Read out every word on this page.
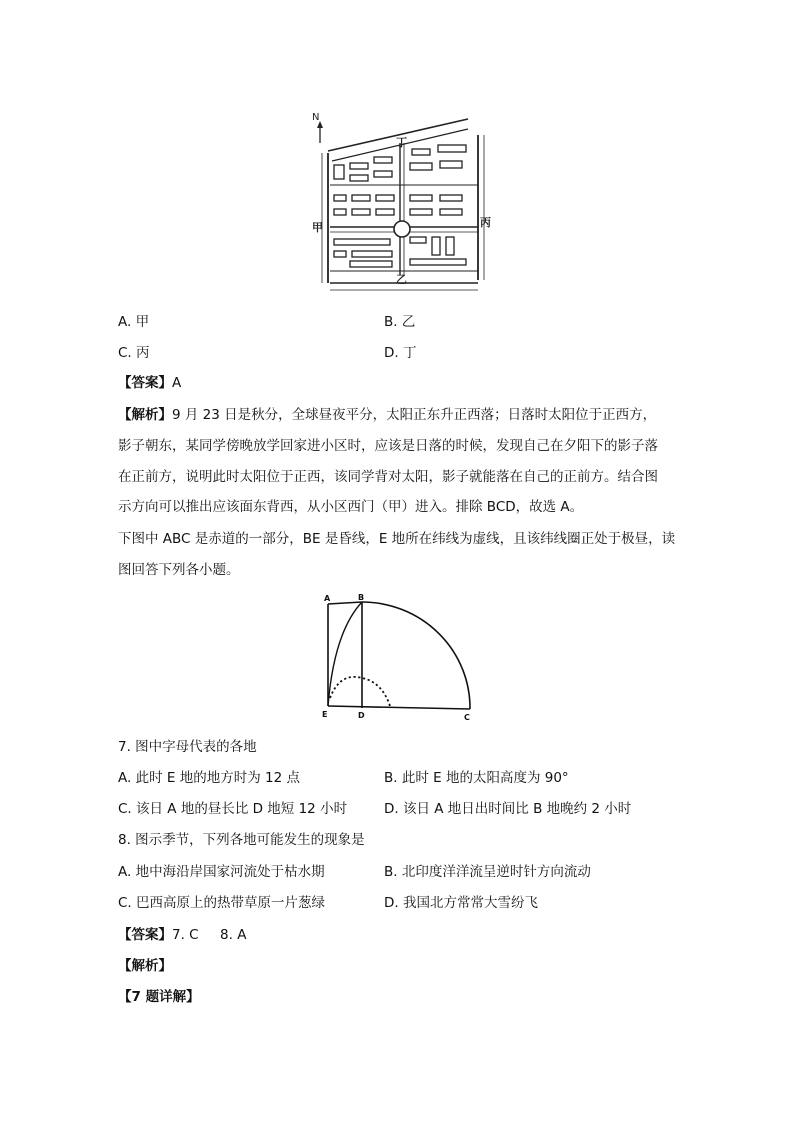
N
丁
乙
甲	丙
A. 甲	B. 乙
C. 丙	D. 丁
【答案】A
【解析】9 月 23 日是秋分，全球昼夜平分，太阳正东升正西落；日落时太阳位于正西方，
影子朝东，某同学傍晚放学回家进小区时，应该是日落的时候，发现自己在夕阳下的影子落
在正前方，说明此时太阳位于正西，该同学背对太阳，影子就能落在自己的正前方。结合图
示方向可以推出应该面东背西，从小区西门（甲）进入。排除 BCD，故选 A。
下图中 ABC 是赤道的一部分，BE 是昏线，E 地所在纬线为虚线，且该纬线圈正处于极昼，读
图回答下列各小题。
A	B
E	D	C
7. 图中字母代表的各地
A. 此时 E 地的地方时为 12 点	B. 此时 E 地的太阳高度为 90°
C. 该日 A 地的昼长比 D 地短 12 小时	D. 该日 A 地日出时间比 B 地晚约 2 小时
8. 图示季节，下列各地可能发生的现象是
A. 地中海沿岸国家河流处于枯水期	B. 北印度洋洋流呈逆时针方向流动
C. 巴西高原上的热带草原一片葱绿	D. 我国北方常常大雪纷飞
【答案】7. C     8. A
【解析】
【7 题详解】
